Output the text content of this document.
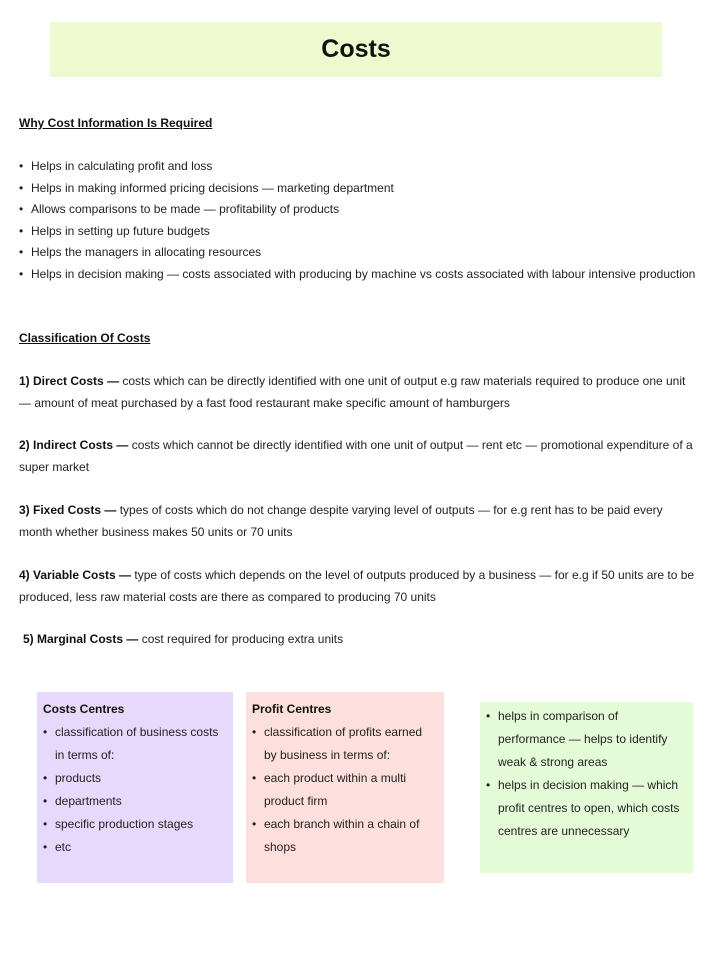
Costs
Why Cost Information Is Required
• Helps in calculating profit and loss
• Helps in making informed pricing decisions — marketing department
• Allows comparisons to be made — profitability of products
• Helps in setting up future budgets
• Helps the managers in allocating resources
• Helps in decision making — costs associated with producing by machine vs costs associated with labour intensive production
Classification Of Costs

1) Direct Costs — costs which can be directly identified with one unit of output e.g raw materials required to produce one unit — amount of meat purchased by a fast food restaurant make specific amount of hamburgers

2) Indirect Costs — costs which cannot be directly identified with one unit of output — rent etc — promotional expenditure of a super market

3) Fixed Costs — types of costs which do not change despite varying level of outputs — for e.g rent has to be paid every month whether business makes 50 units or 70 units

4) Variable Costs — type of costs which depends on the level of outputs produced by a business — for e.g if 50 units are to be produced, less raw material costs are there as compared to producing 70 units

5) Marginal Costs — cost required for producing extra units

Costs Centres
• classification of business costs in terms of:
• products
• departments
• specific production stages
• etc
Profit Centres
• classification of profits earned by business in terms of:
• each product within a multi product firm
• each branch within a chain of shops
• helps in comparison of performance — helps to identify weak & strong areas
• helps in decision making — which profit centres to open, which costs centres are unnecessary
